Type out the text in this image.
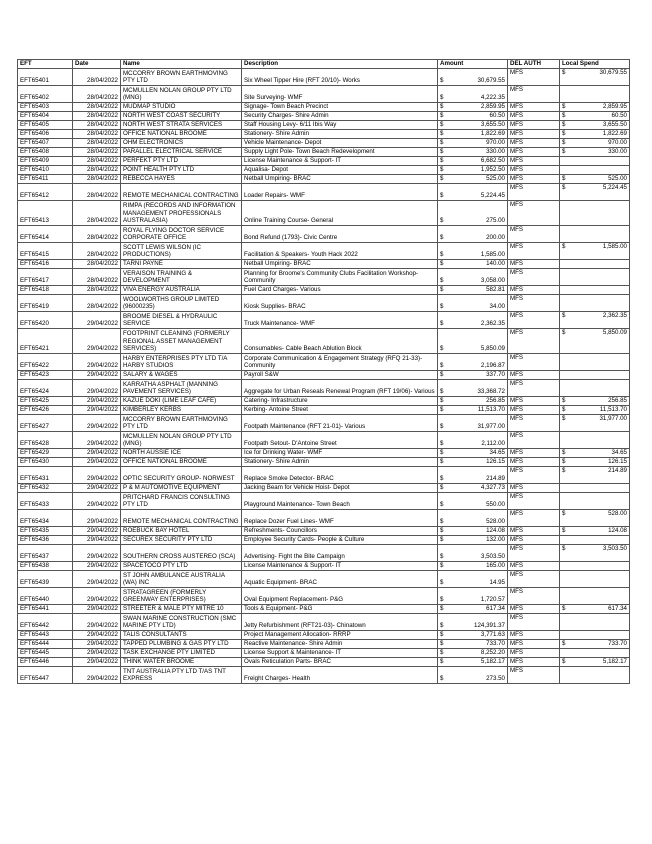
EFT	Date	Name	Description	Amount	DEL AUTH	Local Spend
EFT65401	28/04/2022	MCCORRY BROWN EARTHMOVING PTY LTD	Six Wheel Tipper Hire (RFT 20/10)- Works	$ 30,679.55	MFS	$ 30,679.55

EFT65402	28/04/2022	MCMULLEN NOLAN GROUP PTY LTD (MNG)	Site Surveying- WMF	$ 4,222.35	MFS	
EFT65403	28/04/2022	MUDMAP STUDIO	Signage- Town Beach Precinct	$ 2,859.95	MFS	$ 2,859.95

EFT65404	28/04/2022	NORTH WEST COAST SECURITY	Security Charges- Shire Admin	$ 60.50	MFS	$ 60.50

EFT65405	28/04/2022	NORTH WEST STRATA SERVICES	Staff Housing Levy- 6/11 Ibis Way	$ 3,655.50	MFS	$ 3,655.50

EFT65406	28/04/2022	OFFICE NATIONAL BROOME	Stationery- Shire Admin	$ 1,822.69	MFS	$ 1,822.69

EFT65407	28/04/2022	OHM ELECTRONICS	Vehicle Maintenance- Depot	$ 970.00	MFS	$ 970.00

EFT65408	28/04/2022	PARALLEL ELECTRICAL SERVICE	Supply Light Pole- Town Beach Redevelopment	$ 330.00	MFS	$ 330.00

EFT65409	28/04/2022	PERFEKT PTY LTD	License Maintenance & Support- IT	$ 6,682.50	MFS	
EFT65410	28/04/2022	POINT HEALTH PTY LTD	Aqualisa- Depot	$ 1,952.50	MFS	
EFT65411	28/04/2022	REBECCA HAYES	Netball Umpiring- BRAC	$ 525.00	MFS	$ 525.00

EFT65412	28/04/2022	REMOTE MECHANICAL CONTRACTING	Loader Repairs- WMF	$ 5,224.45	MFS	$ 5,224.45

EFT65413	28/04/2022	RIMPA (RECORDS AND INFORMATION MANAGEMENT PROFESSIONALS AUSTRALASIA)	Online Training Course- General	$ 275.00	MFS	
EFT65414	28/04/2022	ROYAL FLYING DOCTOR SERVICE CORPORATE OFFICE	Bond Refund (1793)- Civic Centre	$ 200.00	MFS	
EFT65415	28/04/2022	SCOTT LEWIS WILSON (IC PRODUCTIONS)	Facilitation & Speakers- Youth Hack 2022	$ 1,585.00	MFS	$ 1,585.00

EFT65416	28/04/2022	TARNI PAYNE	Netball Umpiring- BRAC	$ 140.00	MFS	
EFT65417	28/04/2022	VERAISON TRAINING & DEVELOPMENT	Planning for Broome's Community Clubs Facilitation Workshop- Community	$ 3,058.00	MFS	
EFT65418	28/04/2022	VIVA ENERGY AUSTRALIA	Fuel Card Charges- Various	$ 582.81	MFS	
EFT65419	28/04/2022	WOOLWORTHS GROUP LIMITED (96000235)	Kiosk Supplies- BRAC	$ 34.00	MFS	
EFT65420	29/04/2022	BROOME DIESEL & HYDRAULIC SERVICE	Truck Maintenance- WMF	$ 2,362.35	MFS	$ 2,362.35

EFT65421	29/04/2022	FOOTPRINT CLEANING (FORMERLY REGIONAL ASSET MANAGEMENT SERVICES)	Consumables- Cable Beach Ablution Block	$ 5,850.09	MFS	$ 5,850.09

EFT65422	29/04/2022	HARBY ENTERPRISES PTY LTD T/A HARBY STUDIOS	Corporate Communication & Engagement Strategy (RFQ 21-33)- Community	$ 2,196.87	MFS	
EFT65423	29/04/2022	SALARY & WAGES	Payroll S&W	$ 337.70	MFS	
EFT65424	29/04/2022	KARRATHA ASPHALT (MANNING PAVEMENT SERVICES)	Aggregate for Urban Reseals Renewal Program (RFT 19/06)- Various	$ 33,368.72	MFS	
EFT65425	29/04/2022	KAZUE DOKI (LIME LEAF CAFE)	Catering- Infrastructure	$ 256.85	MFS	$ 256.85

EFT65426	29/04/2022	KIMBERLEY KERBS	Kerbing- Antoine Street	$ 11,513.70	MFS	$ 11,513.70

EFT65427	29/04/2022	MCCORRY BROWN EARTHMOVING PTY LTD	Footpath Maintenance (RFT 21-01)- Various	$ 31,977.00	MFS	$ 31,977.00

EFT65428	29/04/2022	MCMULLEN NOLAN GROUP PTY LTD (MNG)	Footpath Setout- D'Antoine Street	$ 2,112.00	MFS	
EFT65429	29/04/2022	NORTH AUSSIE ICE	Ice for Drinking Water- WMF	$ 34.65	MFS	$ 34.65

EFT65430	29/04/2022	OFFICE NATIONAL BROOME	Stationery- Shire Admin	$ 126.15	MFS	$ 126.15

EFT65431	29/04/2022	OPTIC SECURITY GROUP- NORWEST	Replace Smoke Detector- BRAC	$ 214.89	MFS	$ 214.89

EFT65432	29/04/2022	P & M AUTOMOTIVE EQUIPMENT	Jacking Beam for Vehicle Hoist- Depot	$ 4,327.73	MFS	
EFT65433	29/04/2022	PRITCHARD FRANCIS CONSULTING PTY LTD	Playground Maintenance- Town Beach	$ 550.00	MFS	
EFT65434	29/04/2022	REMOTE MECHANICAL CONTRACTING	Replace Dozer Fuel Lines- WMF	$ 528.00	MFS	$ 528.00

EFT65435	29/04/2022	ROEBUCK BAY HOTEL	Refreshments- Councillors	$ 124.08	MFS	$ 124.08

EFT65436	29/04/2022	SECUREX SECURITY PTY LTD	Employee Security Cards- People & Culture	$ 132.00	MFS	
EFT65437	29/04/2022	SOUTHERN CROSS AUSTEREO (SCA)	Advertising- Fight the Bite Campaign	$ 3,503.50	MFS	$ 3,503.50

EFT65438	29/04/2022	SPACETOCO PTY LTD	License Maintenance & Support- IT	$ 165.00	MFS	
EFT65439	29/04/2022	ST JOHN AMBULANCE AUSTRALIA (WA) INC	Aquatic Equipment- BRAC	$ 14.95	MFS	
EFT65440	29/04/2022	STRATAGREEN (FORMERLY GREENWAY ENTERPRISES)	Oval Equipment Replacement- P&G	$ 1,720.57	MFS	
EFT65441	29/04/2022	STREETER & MALE PTY MITRE 10	Tools & Equipment- P&G	$ 617.34	MFS	$ 617.34

EFT65442	29/04/2022	SWAN MARINE CONSTRUCTION (SMC MARINE PTY LTD)	Jetty Refurbishment (RFT21-03)- Chinatown	$ 124,391.37	MFS	
EFT65443	29/04/2022	TALIS CONSULTANTS	Project Management Allocation- RRRP	$ 3,771.63	MFS	
EFT65444	29/04/2022	TAPPED PLUMBING & GAS PTY LTD	Reactive Maintenance- Shire Admin	$ 733.70	MFS	$ 733.70

EFT65445	29/04/2022	TASK EXCHANGE PTY LIMITED	License Support & Maintenance- IT	$ 8,252.20	MFS	
EFT65446	29/04/2022	THINK WATER BROOME	Ovals Reticulation Parts- BRAC	$ 5,182.17	MFS	$ 5,182.17

EFT65447	29/04/2022	TNT AUSTRALIA PTY LTD T/AS TNT EXPRESS	Freight Charges- Health	$ 273.50	MFS	
